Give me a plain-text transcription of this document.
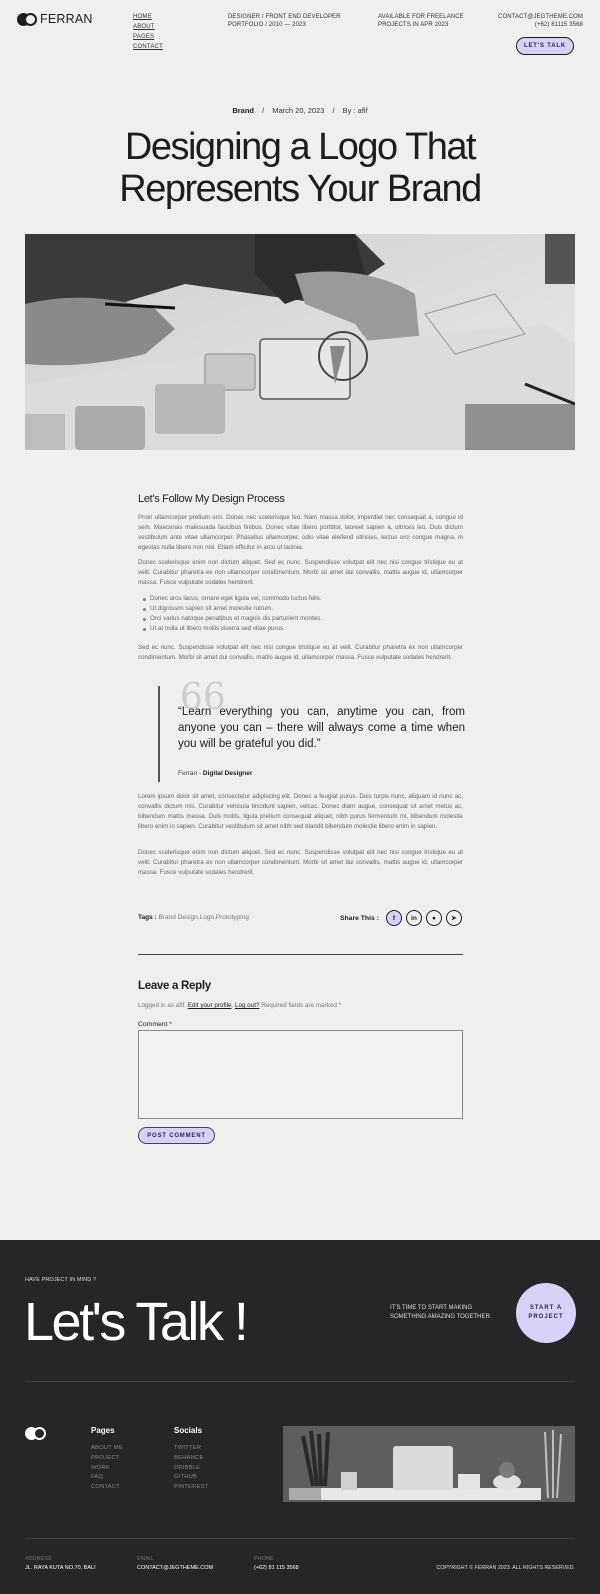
FERRAN	HOME
ABOUT
PAGES
CONTACT
DESIGNER / FRONT END DEVELOPER
PORTFOLIO / 2010 — 2023
AVAILABLE FOR FREELANCE
PROJECTS IN APR 2023
CONTACT@JEGTHEME.COM
(+62) 81115 3568
LET'S TALK
Brand / March 20, 2023 / By : afif
Designing a Logo That
Represents Your Brand
Let's Follow My Design Process

Proin ullamcorper pretium orci. Donec nec scelerisque leo. Nam massa dolor, imperdiet nec consequat a, congue id sem. Maecenas malesuada faucibus finibus. Donec vitae libero porttitor, laoreet sapien a, ultrices leo. Duis dictum vestibulum ante vitae ullamcorper. Phasellus ullamcorper, odio vitae eleifend ultricies, lectus orci congue magna, in egestas nulla libero non nisl. Etiam efficitur in arcu ut lacinia.

Donec scelerisque enim non dictum aliquet. Sed ec nunc. Suspendisse volutpat elit nec nisi congue tristique eu at velit. Curabitur pharetra ex non ullamcorper condimentum. Morbi sit amet dui convallis, mattis augue id, ullamcorper massa. Fusce vulputate sodales hendrerit.

Donec arcu lacus, ornare eget ligula vel, commodo luctus felis.
Ut dignissim sapien sit amet molestie rutrum.
Orci varius natoque penatibus et magnis dis parturient montes.
Ut at nulla ut libero mollis viverra sed vitae purus.

Sed ec nunc. Suspendisse volutpat elit nec nisi congue tristique eu at velit. Curabitur pharetra ex non ullamcorper condimentum. Morbi sit amet dui convallis, mattis augue id, ullamcorper massa. Fusce vulputate sodales hendrerit.

66

“Learn everything you can, anytime you can, from anyone you can – there will always come a time when you will be grateful you did.”

Ferran - Digital Designer

Lorem ipsum dolor sit amet, consectetur adipiscing elit. Donec a feugiat purus. Duis turpis nunc, aliquam id nunc ac, convallis dictum nisi. Curabitur vehicula tincidunt sapien, velcac. Donec diam augue, consequat sit amet metus ac, bibendum mattis massa. Duis mollis, ligula pretium consequat aliquet, nibh purus fermentum mi, bibendum molestie libero enim in sapien. Curabitur vestibulum sit amet nibh sed blandit bibendum molestie libero enim in sapien.

Donec scelerisque enim non dictum aliquet. Sed ec nunc. Suspendisse volutpat elit nec nisi congue tristique eu at velit. Curabitur pharetra ex non ullamcorper condimentum. Morbi sit amet dui convallis, mattis augue id, ullamcorper massa. Fusce vulputate sodales hendrerit.

Tags : Brand Design,Logo,Prototyping	Share This :	f	in	●	➤
Leave a Reply
Logged in as afif. Edit your profile. Log out? Required fields are marked *
Comment *
POST COMMENT
HAVE PROJECT IN MIND ?
Let's Talk !	IT'S TIME TO START MAKING
SOMETHING AMAZING TOGETHER.
START A
PROJECT
Pages
ABOUT ME
PROJECT
WORK
FAQ
CONTACT
Socials
TWITTER
BEHANCE
DRIBBLE
GITHUB
PINTEREST
ADDRESS
JL. RAYA KUTA NO.70, BALI
EMAIL
CONTACT@JEGTHEME.COM
PHONE
(+62) 81 115 3568	COPYRIGHT © FERRAN 2023. ALL RIGHTS RESERVED.
